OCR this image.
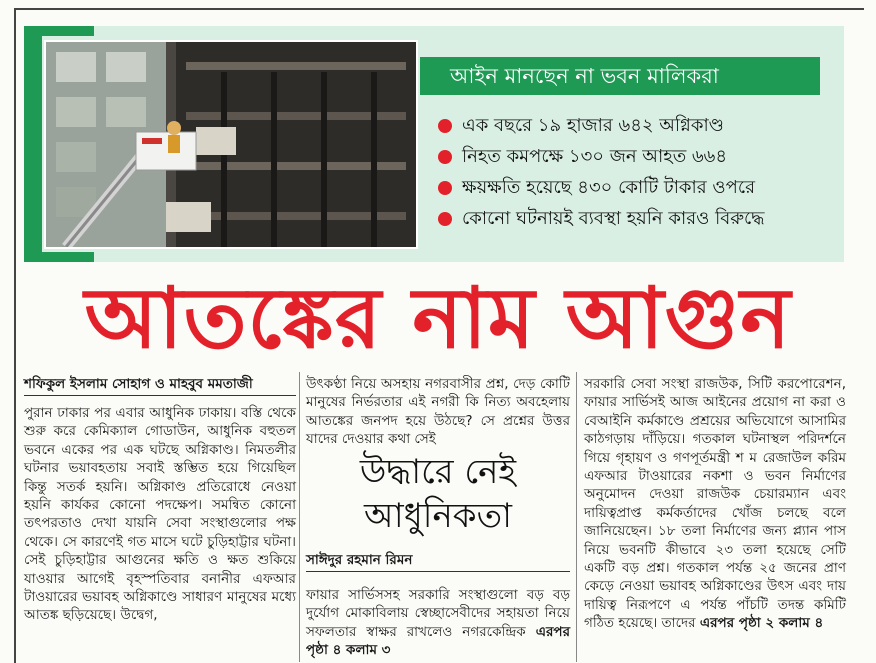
আইন মানছেন না ভবন মালিকরা
এক বছরে ১৯ হাজার ৬৪২ অগ্নিকাণ্ড
নিহত কমপক্ষে ১৩০ জন আহত ৬৬৪
ক্ষয়ক্ষতি হয়েছে ৪৩০ কোটি টাকার ওপরে
কোনো ঘটনায়ই ব্যবস্থা হয়নি কারও বিরুদ্ধে
আতঙ্কের নাম আগুন
শফিকুল ইসলাম সোহাগ ও মাহবুব মমতাজী

পুরান ঢাকার পর এবার আধুনিক ঢাকায়। বস্তি থেকে শুরু করে কেমিক্যাল গোডাউন, আধুনিক বহুতল ভবনে একের পর এক ঘটছে অগ্নিকাণ্ড। নিমতলীর ঘটনার ভয়াবহতায় সবাই স্তম্ভিত হয়ে গিয়েছিল কিন্তু সতর্ক হয়নি। অগ্নিকাণ্ড প্রতিরোধে নেওয়া হয়নি কার্যকর কোনো পদক্ষেপ। সমন্বিত কোনো তৎপরতাও দেখা যায়নি সেবা সংস্থাগুলোর পক্ষ থেকে। সে কারণেই গত মাসে ঘটে চুড়িহাট্টার ঘটনা। সেই চুড়িহাট্টার আগুনের ক্ষতি ও ক্ষত শুকিয়ে যাওয়ার আগেই বৃহস্পতিবার বনানীর এফআর টাওয়ারের ভয়াবহ অগ্নিকাণ্ডে সাধারণ মানুষের মধ্যে আতঙ্ক ছড়িয়েছে। উদ্বেগ,

উৎকণ্ঠা নিয়ে অসহায় নগরবাসীর প্রশ্ন, দেড় কোটি মানুষের নির্ভরতার এই নগরী কি নিত্য অবহেলায় আতঙ্কের জনপদ হয়ে উঠছে? সে প্রশ্নের উত্তর যাদের দেওয়ার কথা সেই

উদ্ধারে নেই
আধুনিকতা
সাঈদুর রহমান রিমন

ফায়ার সার্ভিসসহ সরকারি সংস্থাগুলো বড় বড় দুর্যোগ মোকাবিলায় স্বেচ্ছাসেবীদের সহায়তা নিয়ে সফলতার স্বাক্ষর রাখলেও নগরকেন্দ্রিক এরপর পৃষ্ঠা ৪ কলাম ৩

সরকারি সেবা সংস্থা রাজউক, সিটি করপোরেশন, ফায়ার সার্ভিসই আজ আইনের প্রয়োগ না করা ও বেআইনি কর্মকাণ্ডে প্রশ্রয়ের অভিযোগে আসামির কাঠগড়ায় দাঁড়িয়ে। গতকাল ঘটনাস্থল পরিদর্শনে গিয়ে গৃহায়ণ ও গণপূর্তমন্ত্রী শ ম রেজাউল করিম এফআর টাওয়ারের নকশা ও ভবন নির্মাণের অনুমোদন দেওয়া রাজউক চেয়ারম্যান এবং দায়িত্বপ্রাপ্ত কর্মকর্তাদের খোঁজ চলছে বলে জানিয়েছেন। ১৮ তলা নির্মাণের জন্য প্ল্যান পাস নিয়ে ভবনটি কীভাবে ২৩ তলা হয়েছে সেটি একটি বড় প্রশ্ন। গতকাল পর্যন্ত ২৫ জনের প্রাণ কেড়ে নেওয়া ভয়াবহ অগ্নিকাণ্ডের উৎস এবং দায় দায়িত্ব নিরূপণে এ পর্যন্ত পাঁচটি তদন্ত কমিটি গঠিত হয়েছে। তাদের এরপর পৃষ্ঠা ২ কলাম ৪
